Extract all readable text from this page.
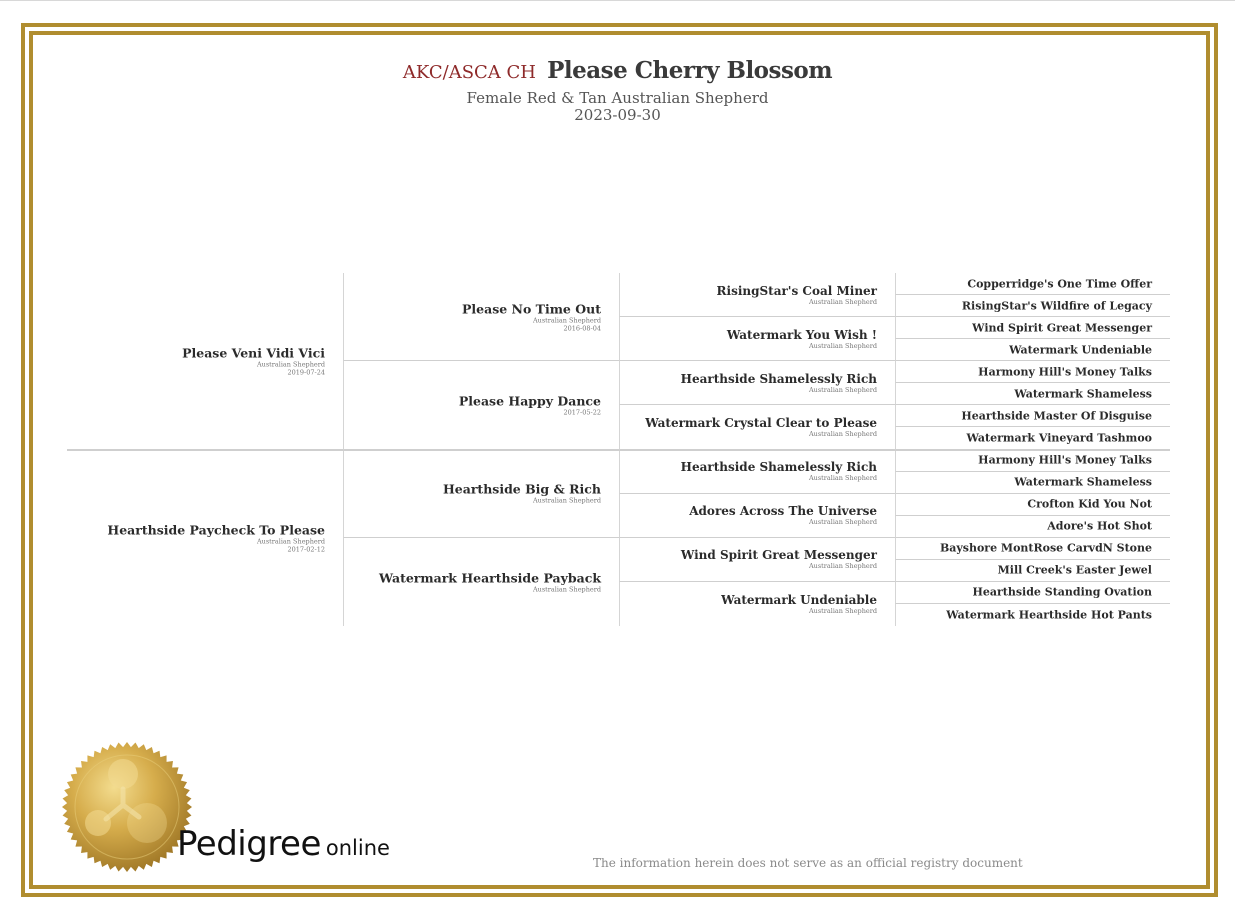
AKC/ASCA CH Please Cherry Blossom
Female Red & Tan Australian Shepherd
2023-09-30
Please Veni Vidi Vici
Australian Shepherd
2019-07-24
Hearthside Paycheck To Please
Australian Shepherd
2017-02-12
Please No Time Out
Australian Shepherd
2016-08-04
Please Happy Dance
2017-05-22
Hearthside Big & Rich
Australian Shepherd
Watermark Hearthside Payback
Australian Shepherd
RisingStar's Coal Miner
Australian Shepherd
Watermark You Wish !
Australian Shepherd
Hearthside Shamelessly Rich
Australian Shepherd
Watermark Crystal Clear to Please
Australian Shepherd
Hearthside Shamelessly Rich
Australian Shepherd
Adores Across The Universe
Australian Shepherd
Wind Spirit Great Messenger
Australian Shepherd
Watermark Undeniable
Australian Shepherd
Copperridge's One Time Offer
RisingStar's Wildfire of Legacy
Wind Spirit Great Messenger
Watermark Undeniable
Harmony Hill's Money Talks
Watermark Shameless
Hearthside Master Of Disguise
Watermark Vineyard Tashmoo
Harmony Hill's Money Talks
Watermark Shameless
Crofton Kid You Not
Adore's Hot Shot
Bayshore MontRose CarvdN Stone
Mill Creek's Easter Jewel
Hearthside Standing Ovation
Watermark Hearthside Hot Pants
Pedigree online
The information herein does not serve as an official registry document
